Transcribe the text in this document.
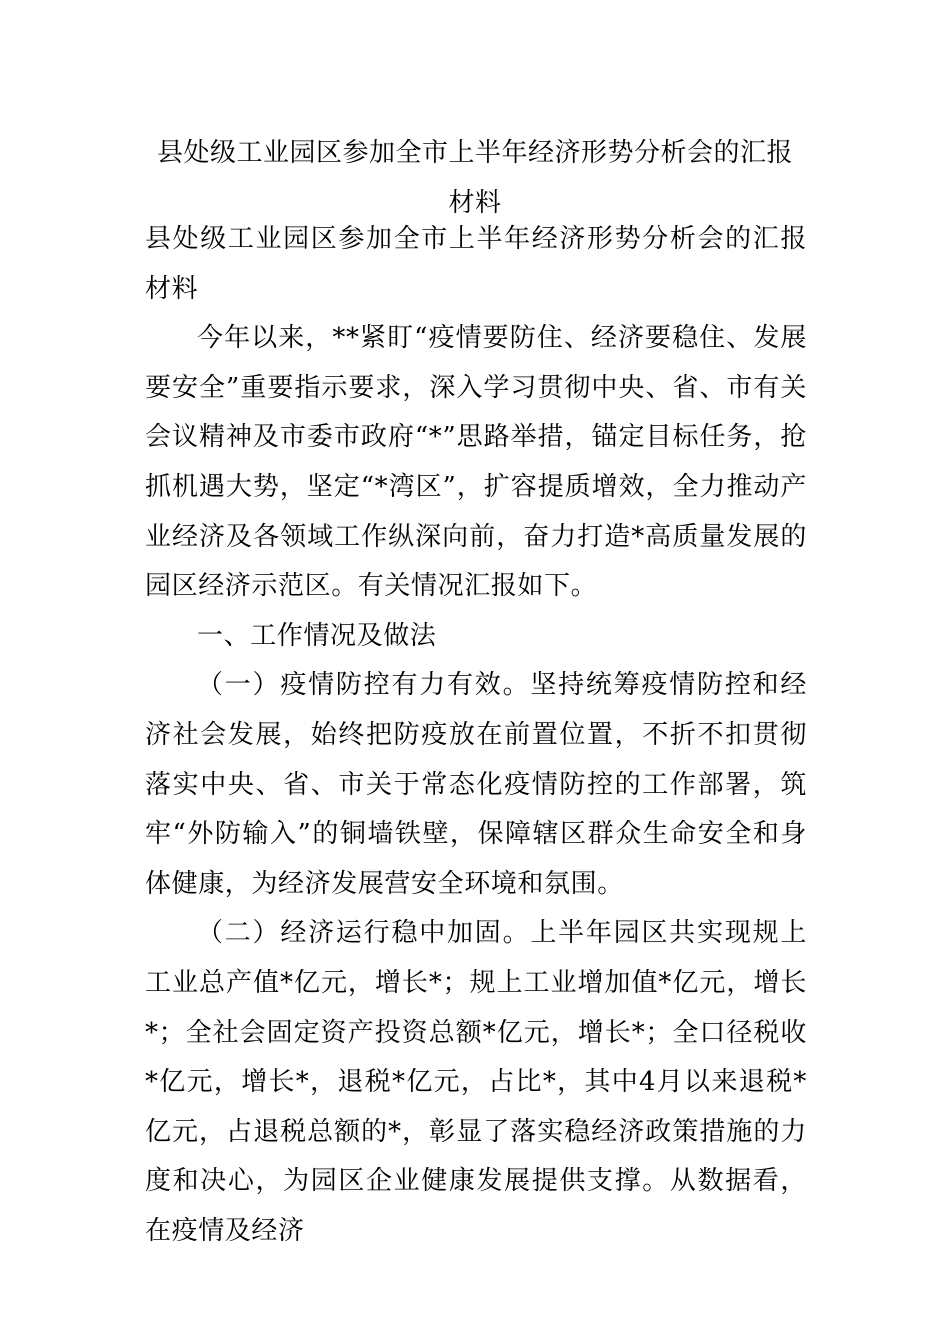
县处级工业园区参加全市上半年经济形势分析会的汇报材料

县处级工业园区参加全市上半年经济形势分析会的汇报材料

今年以来，**紧盯“疫情要防住、经济要稳住、发展要安全”重要指示要求，深入学习贯彻中央、省、市有关会议精神及市委市政府“*”思路举措，锚定目标任务，抢抓机遇大势，坚定“*湾区”，扩容提质增效，全力推动产业经济及各领域工作纵深向前，奋力打造*高质量发展的园区经济示范区。有关情况汇报如下。

一、工作情况及做法

（一）疫情防控有力有效。坚持统筹疫情防控和经济社会发展，始终把防疫放在前置位置，不折不扣贯彻落实中央、省、市关于常态化疫情防控的工作部署，筑牢“外防输入”的铜墙铁壁，保障辖区群众生命安全和身体健康，为经济发展营安全环境和氛围。

（二）经济运行稳中加固。上半年园区共实现规上工业总产值*亿元，增长*；规上工业增加值*亿元，增长*；全社会固定资产投资总额*亿元，增长*；全口径税收*亿元，增长*，退税*亿元，占比*，其中4月以来退税*亿元，占退税总额的*，彰显了落实稳经济政策措施的力度和决心，为园区企业健康发展提供支撑。从数据看，在疫情及经济
